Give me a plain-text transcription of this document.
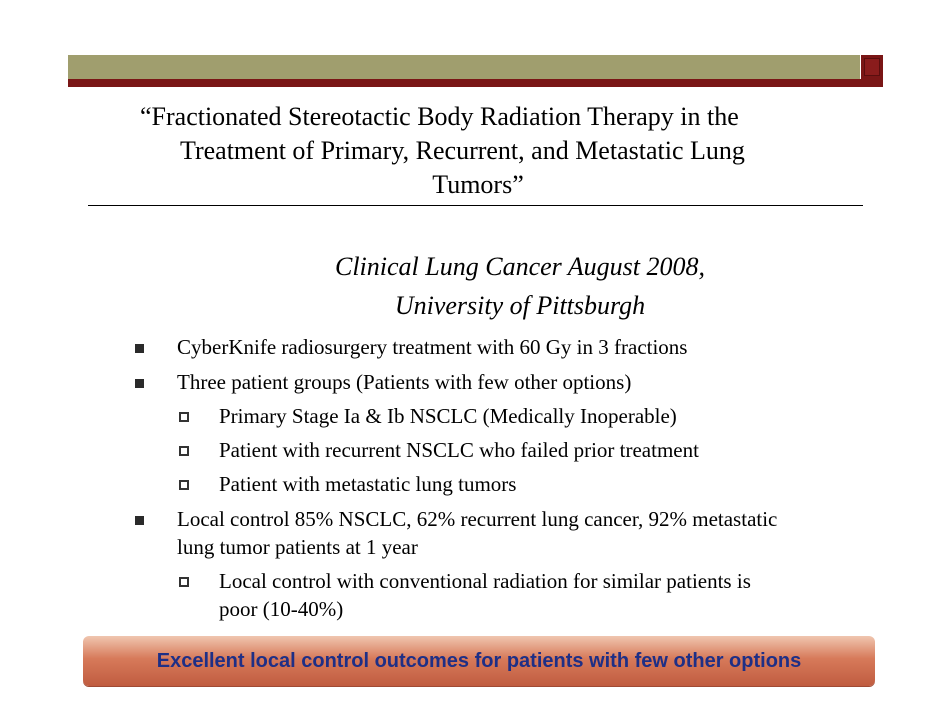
“Fractionated Stereotactic Body Radiation Therapy in the
Treatment of Primary, Recurrent, and Metastatic Lung
Tumors”
Clinical Lung Cancer August 2008,
University of Pittsburgh
CyberKnife radiosurgery treatment with 60 Gy in 3 fractions
Three patient groups (Patients with few other options)
Primary Stage Ia & Ib NSCLC (Medically Inoperable)
Patient with recurrent NSCLC who failed prior treatment
Patient with metastatic lung tumors
Local control 85% NSCLC, 62% recurrent lung cancer, 92% metastatic
lung tumor patients at 1 year
Local control with conventional radiation for similar patients is
poor (10-40%)
Excellent local control outcomes for patients with few other options
